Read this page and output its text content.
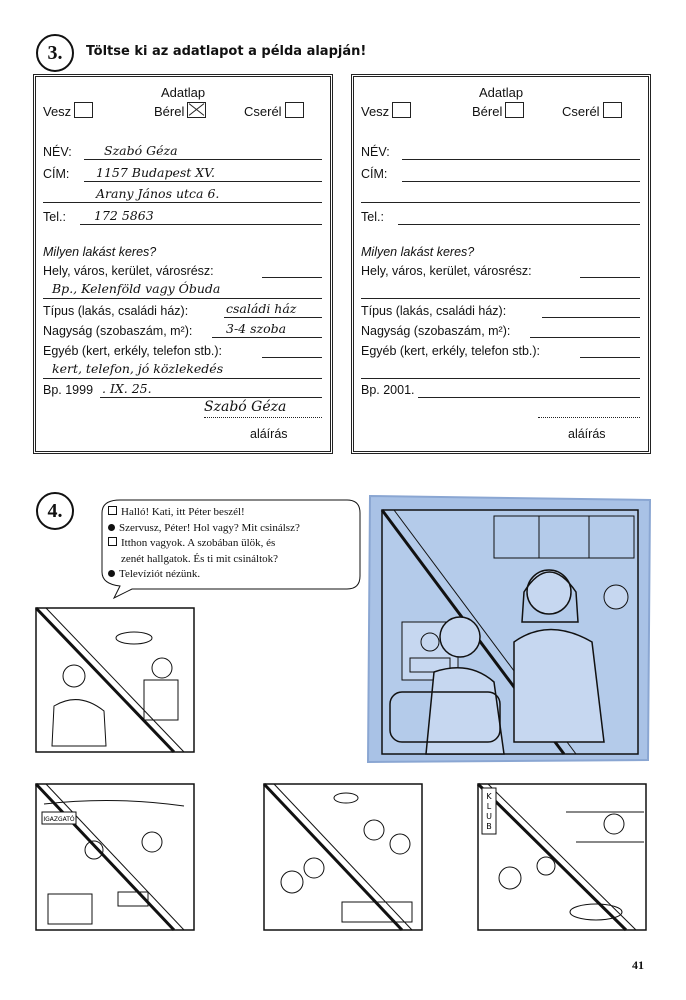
3. Töltse ki az adatlapot a példa alapján!
Adatlap
Vesz	Bérel	Cserél
NÉV:	Szabó Géza
CÍM: 1157 Budapest XV.
Arany János utca 6.
Tel.: 172 5863
Milyen lakást keres?
Hely, város, kerület, városrész:
Bp., Kelenföld vagy Óbuda
Típus (lakás, családi ház):	családi ház
Nagyság (szobaszám, m²):	3-4 szoba
Egyéb (kert, erkély, telefon stb.):
kert, telefon, jó közlekedés
Bp. 1999 . IX. 25.
Szabó Géza
aláírás
Adatlap
Vesz	Bérel	Cserél
NÉV:
CÍM:
Tel.:
Milyen lakást keres?
Hely, város, kerület, városrész:
Típus (lakás, családi ház):
Nagyság (szobaszám, m²):
Egyéb (kert, erkély, telefon stb.):
Bp. 2001.
aláírás
4.	Halló! Kati, itt Péter beszél!
Szervusz, Péter! Hol vagy? Mit csinálsz?
Itthon vagyok. A szobában ülök, és
zenét hallgatok. És ti mit csináltok?
Televíziót nézünk.
IGAZGATÓ
K
L
U
B
41
